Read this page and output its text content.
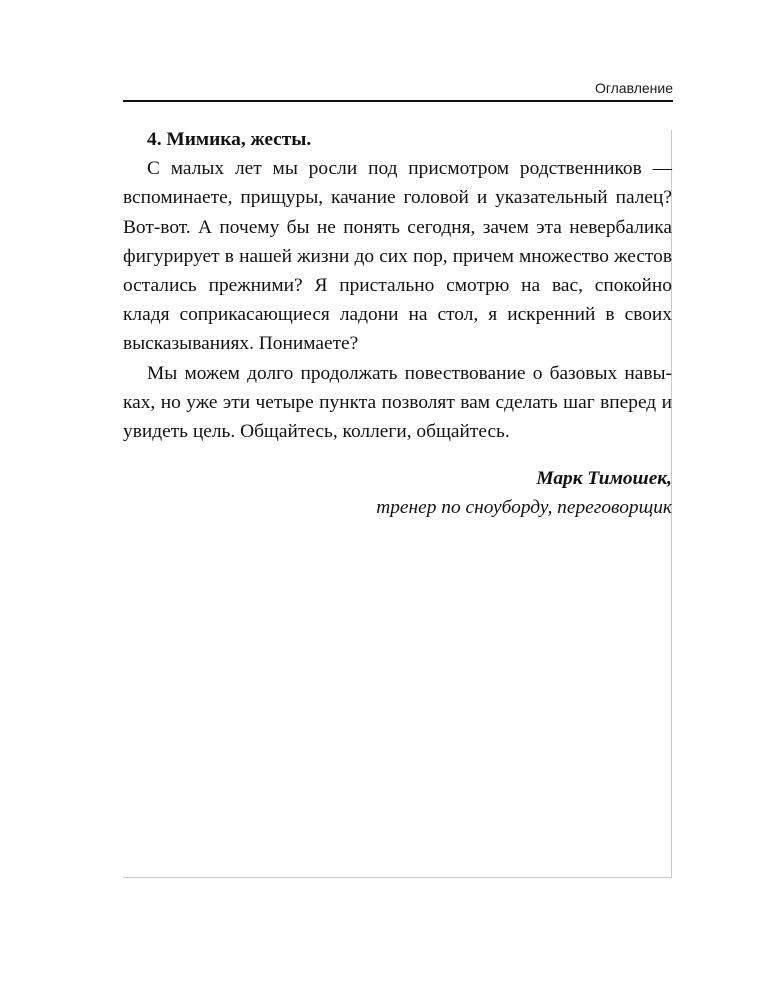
Оглавление
4. Мимика, жесты.

С малых лет мы росли под присмотром родственников — вспоминаете, прищуры, качание головой и указательный палец? Вот-вот. А почему бы не понять сегодня, зачем эта невербалика фигурирует в нашей жизни до сих пор, причем множество жестов остались прежними? Я пристально смотрю на вас, спокойно кладя соприкасающиеся ладони на стол, я искренний в своих высказываниях. Понимаете?

Мы можем долго продолжать повествование о базовых навыках, но уже эти четыре пункта позволят вам сделать шаг вперед и увидеть цель. Общайтесь, коллеги, общайтесь.

Марк Тимошек,
тренер по сноуборду, переговорщик
